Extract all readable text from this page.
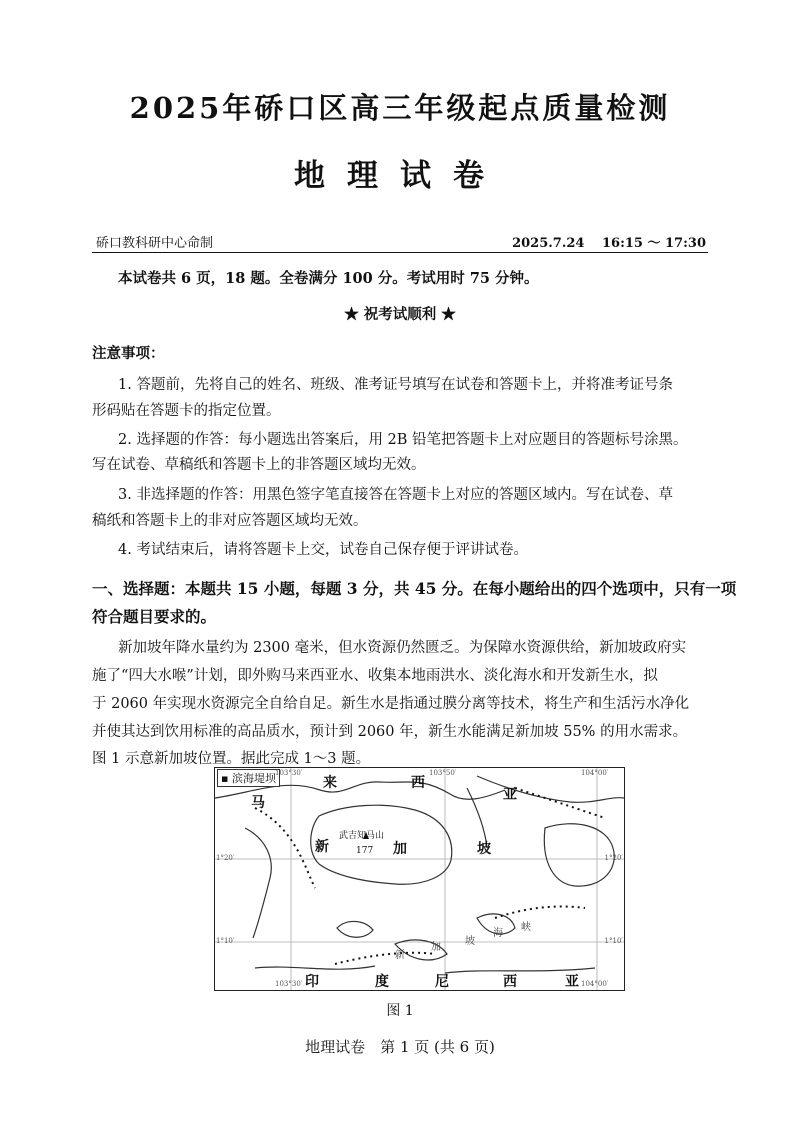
2025年硚口区高三年级起点质量检测
地理试卷
硚口教科研中心命制	2025.7.24　 16:15 ～ 17:30
本试卷共 6 页，18 题。全卷满分 100 分。考试用时 75 分钟。
★ 祝考试顺利 ★
注意事项：
1. 答题前，先将自己的姓名、班级、准考证号填写在试卷和答题卡上，并将准考证号条
形码贴在答题卡的指定位置。
2. 选择题的作答：每小题选出答案后，用 2B 铅笔把答题卡上对应题目的答题标号涂黑。
写在试卷、草稿纸和答题卡上的非答题区域均无效。
3. 非选择题的作答：用黑色签字笔直接答在答题卡上对应的答题区域内。写在试卷、草
稿纸和答题卡上的非对应答题区域均无效。
4. 考试结束后，请将答题卡上交，试卷自己保存便于评讲试卷。
一、选择题：本题共 15 小题，每题 3 分，共 45 分。在每小题给出的四个选项中，只有一项
符合题目要求的。
新加坡年降水量约为 2300 毫米，但水资源仍然匮乏。为保障水资源供给，新加坡政府实
施了“四大水喉”计划，即外购马来西亚水、收集本地雨洪水、淡化海水和开发新生水，拟
于 2060 年实现水资源完全自给自足。新生水是指通过膜分离等技术，将生产和生活污水净化
并使其达到饮用标准的高品质水，预计到 2060 年，新生水能满足新加坡 55% 的用水需求。
图 1 示意新加坡位置。据此完成 1～3 题。
▪ 滨海堤坝
马
来	西
亚
新	加	坡
武吉知马山
177
印	度	尼	西	亚
新
加
坡
海
峡
103°30′	103°50′	104°00′
1°20′	1°20′
1°10′	1°10′
103°30′	104°00′
图 1
地理试卷　第 1 页 (共 6 页)
